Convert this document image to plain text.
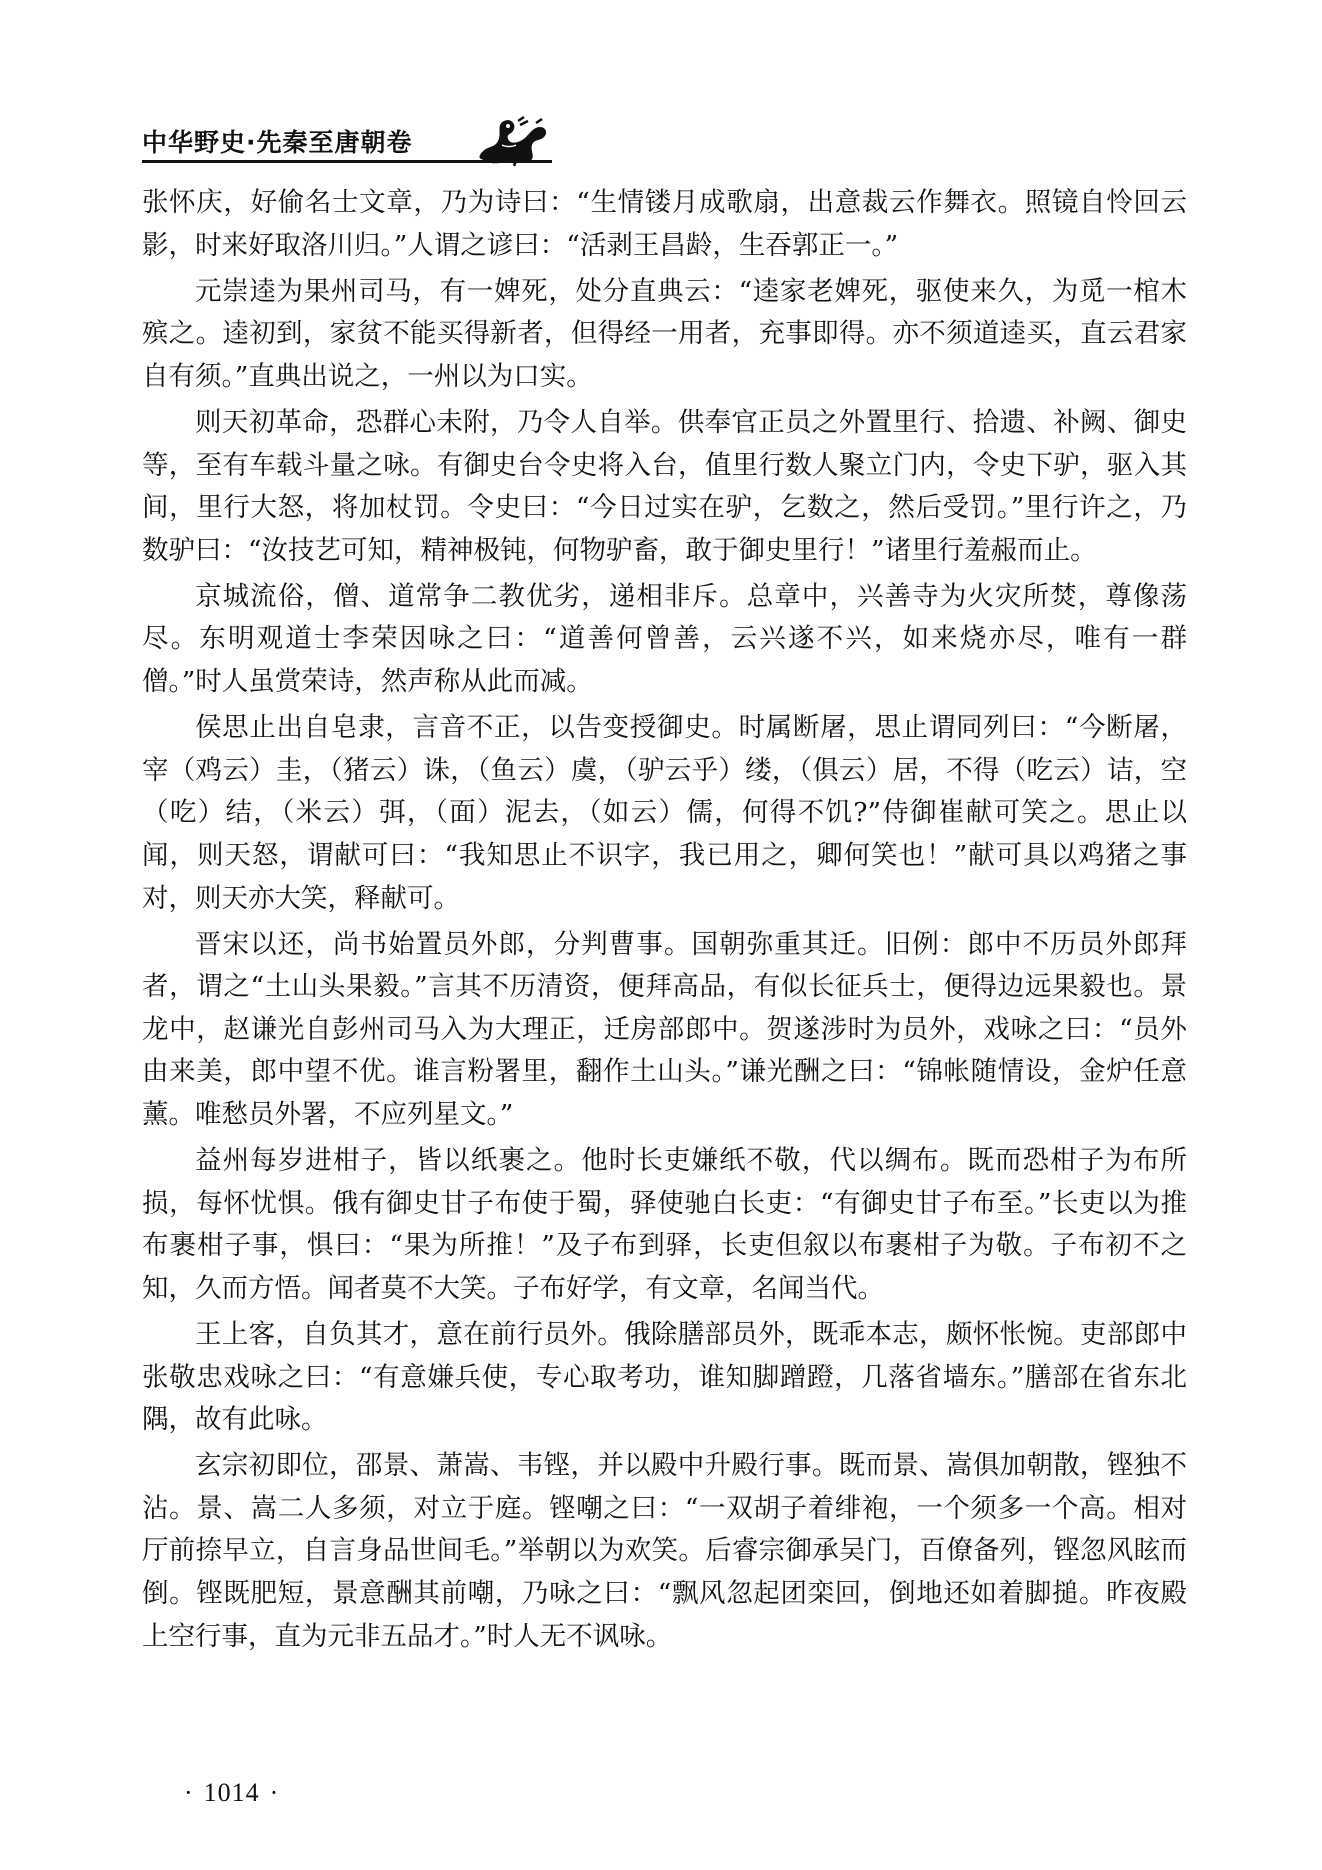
中华野史·先秦至唐朝卷

张怀庆，好偷名士文章，乃为诗曰：“生情镂月成歌扇，出意裁云作舞衣。照镜自怜回云影，时来好取洛川归。”人谓之谚曰：“活剥王昌龄，生吞郭正一。”

元崇逵为果州司马，有一婢死，处分直典云：“逵家老婢死，驱使来久，为觅一棺木殡之。逵初到，家贫不能买得新者，但得经一用者，充事即得。亦不须道逵买，直云君家自有须。”直典出说之，一州以为口实。

则天初革命，恐群心未附，乃令人自举。供奉官正员之外置里行、拾遗、补阙、御史等，至有车载斗量之咏。有御史台令史将入台，值里行数人聚立门内，令史下驴，驱入其间，里行大怒，将加杖罚。令史曰：“今日过实在驴，乞数之，然后受罚。”里行许之，乃数驴曰：“汝技艺可知，精神极钝，何物驴畜，敢于御史里行！”诸里行羞赧而止。

京城流俗，僧、道常争二教优劣，递相非斥。总章中，兴善寺为火灾所焚，尊像荡尽。东明观道士李荣因咏之曰：“道善何曾善，云兴遂不兴，如来烧亦尽，唯有一群僧。”时人虽赏荣诗，然声称从此而减。

侯思止出自皂隶，言音不正，以告变授御史。时属断屠，思止谓同列曰：“今断屠，宰（鸡云）圭，（猪云）诛，（鱼云）虞，（驴云乎）缕，（俱云）居，不得（吃云）诘，空（吃）结，（米云）弭，（面）泥去，（如云）儒，何得不饥?”侍御崔献可笑之。思止以闻，则天怒，谓献可曰：“我知思止不识字，我已用之，卿何笑也！”献可具以鸡猪之事对，则天亦大笑，释献可。

晋宋以还，尚书始置员外郎，分判曹事。国朝弥重其迁。旧例：郎中不历员外郎拜者，谓之“土山头果毅。”言其不历清资，便拜高品，有似长征兵士，便得边远果毅也。景龙中，赵谦光自彭州司马入为大理正，迁房部郎中。贺遂涉时为员外，戏咏之曰：“员外由来美，郎中望不优。谁言粉署里，翻作土山头。”谦光酬之曰：“锦帐随情设，金炉任意薰。唯愁员外署，不应列星文。”

益州每岁进柑子，皆以纸裹之。他时长吏嫌纸不敬，代以绸布。既而恐柑子为布所损，每怀忧惧。俄有御史甘子布使于蜀，驿使驰白长吏：“有御史甘子布至。”长吏以为推布裹柑子事，惧曰：“果为所推！”及子布到驿，长吏但叙以布裹柑子为敬。子布初不之知，久而方悟。闻者莫不大笑。子布好学，有文章，名闻当代。

王上客，自负其才，意在前行员外。俄除膳部员外，既乖本志，颇怀怅惋。吏部郎中张敬忠戏咏之曰：“有意嫌兵使，专心取考功，谁知脚蹭蹬，几落省墙东。”膳部在省东北隅，故有此咏。

玄宗初即位，邵景、萧嵩、韦铿，并以殿中升殿行事。既而景、嵩俱加朝散，铿独不沾。景、嵩二人多须，对立于庭。铿嘲之曰：“一双胡子着绯袍，一个须多一个高。相对厅前捺早立，自言身品世间毛。”举朝以为欢笑。后睿宗御承吴门，百僚备列，铿忽风眩而倒。铿既肥短，景意酬其前嘲，乃咏之曰：“飘风忽起团栾回，倒地还如着脚搥。昨夜殿上空行事，直为元非五品才。”时人无不讽咏。

· 1014 ·
